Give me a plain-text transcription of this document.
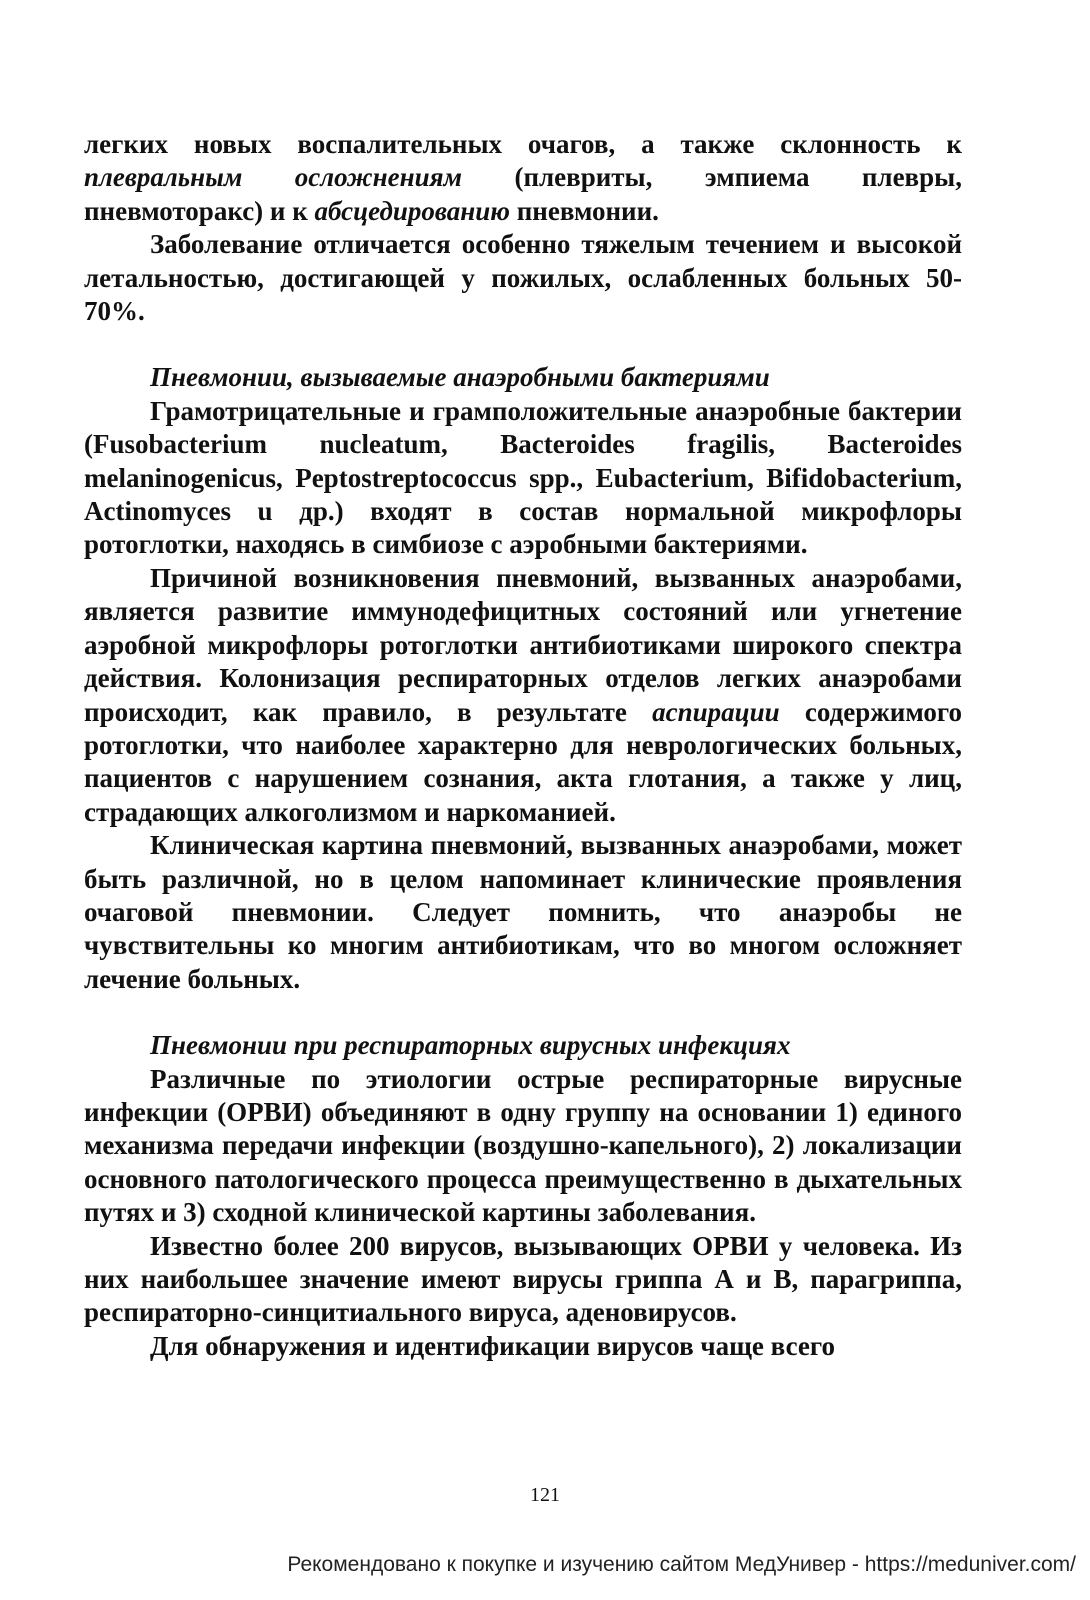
легких новых воспалительных очагов, а также склонность к плевральным осложнениям (плевриты, эмпиема плевры, пневмоторакс) и к абсцедированию пневмонии.

Заболевание отличается особенно тяжелым течением и высокой летальностью, достигающей у пожилых, ослабленных больных 50-70%.

Пневмонии, вызываемые анаэробными бактериями

Грамотрицательные и грамположительные анаэробные бактерии (Fusobacterium nucleatum, Bacteroides fragilis, Bacteroides melaninogenicus, Peptostreptococcus spp., Eubacterium, Bifidobacterium, Actinomyces u др.) входят в состав нормальной микрофлоры ротоглотки, находясь в симбиозе с аэробными бактериями.

Причиной возникновения пневмоний, вызванных анаэробами, является развитие иммунодефицитных состояний или угнетение аэробной микрофлоры ротоглотки антибиотиками широкого спектра действия. Колонизация респираторных отделов легких анаэробами происходит, как правило, в результате аспирации содержимого ротоглотки, что наиболее характерно для неврологических больных, пациентов с нарушением сознания, акта глотания, а также у лиц, страдающих алкоголизмом и наркоманией.

Клиническая картина пневмоний, вызванных анаэробами, может быть различной, но в целом напоминает клинические проявления очаговой пневмонии. Следует помнить, что анаэробы не чувствительны ко многим антибиотикам, что во многом осложняет лечение больных.

Пневмонии при респираторных вирусных инфекциях

Различные по этиологии острые респираторные вирусные инфекции (ОРВИ) объединяют в одну группу на основании 1) единого механизма передачи инфекции (воздушно-капельного), 2) локализации основного патологического процесса преимущественно в дыхательных путях и 3) сходной клинической картины заболевания.

Известно более 200 вирусов, вызывающих ОРВИ у человека. Из них наибольшее значение имеют вирусы гриппа А и В, парагриппа, респираторно-синцитиального вируса, аденовирусов.

Для обнаружения и идентификации вирусов чаще всего

121
Рекомендовано к покупке и изучению сайтом МедУнивер - https://meduniver.com/
